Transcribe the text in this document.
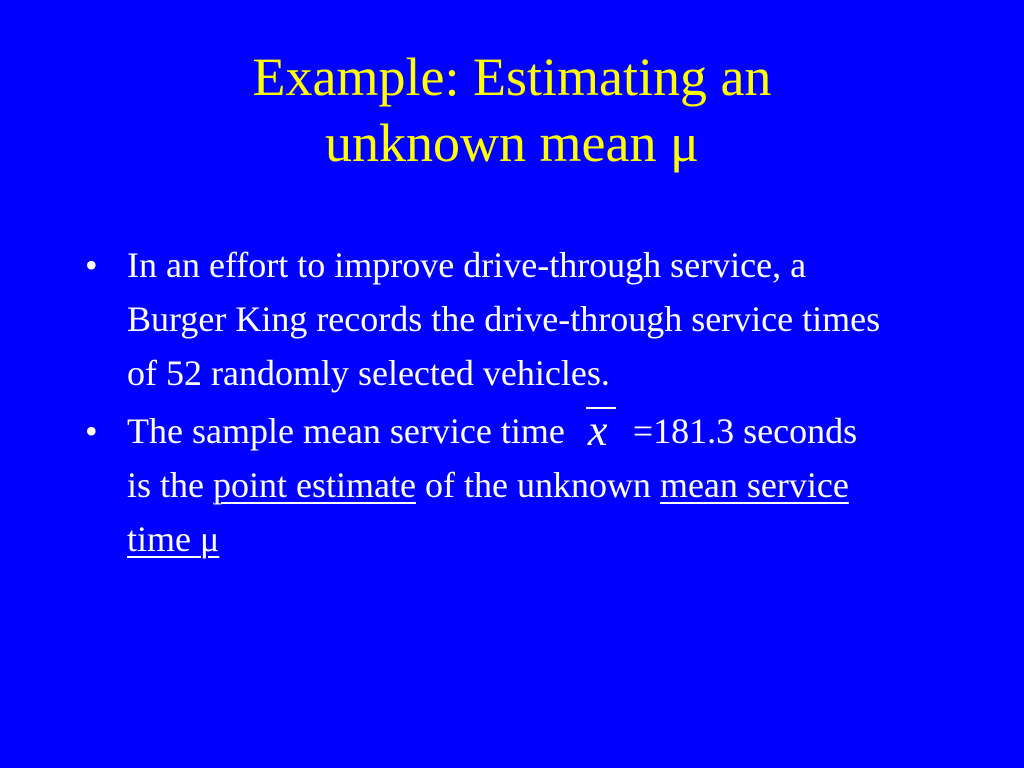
Example: Estimating an
unknown mean μ
• In an effort to improve drive-through service, a Burger King records the drive-through service times of 52 randomly selected vehicles.
• The sample mean service time x =181.3 seconds is the point estimate of the unknown mean service time μ
